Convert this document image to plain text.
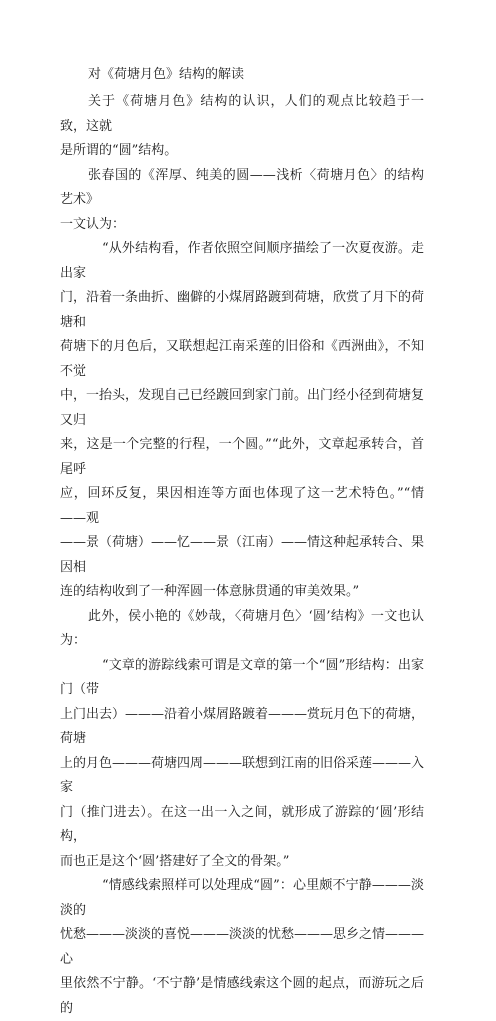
对《荷塘月色》结构的解读

关于《荷塘月色》结构的认识，人们的观点比较趋于一致，这就
是所谓的“圆”结构。

张春国的《浑厚、纯美的圆——浅析〈荷塘月色〉的结构艺术》
一文认为：

“从外结构看，作者依照空间顺序描绘了一次夏夜游。走出家
门，沿着一条曲折、幽僻的小煤屑路踱到荷塘，欣赏了月下的荷塘和
荷塘下的月色后，又联想起江南采莲的旧俗和《西洲曲》，不知不觉
中，一抬头，发现自己已经踱回到家门前。出门经小径到荷塘复又归
来，这是一个完整的行程，一个圆。”“此外，文章起承转合，首尾呼
应，回环反复，果因相连等方面也体现了这一艺术特色。”“情——观
——景（荷塘）——忆——景（江南）——情这种起承转合、果因相
连的结构收到了一种浑圆一体意脉贯通的审美效果。”

此外，侯小艳的《妙哉，〈荷塘月色〉‘圆’结构》一文也认为：

“文章的游踪线索可谓是文章的第一个“圆”形结构：出家门（带
上门出去）———沿着小煤屑路踱着———赏玩月色下的荷塘，荷塘
上的月色———荷塘四周———联想到江南的旧俗采莲———入家
门（推门进去）。在这一出一入之间，就形成了游踪的‘圆’形结构，
而也正是这个‘圆’搭建好了全文的骨架。”

“情感线索照样可以处理成“圆”：心里颇不宁静———淡淡的
忧愁———淡淡的喜悦———淡淡的忧愁———思乡之情———心
里依然不宁静。‘不宁静’是情感线索这个圆的起点，而游玩之后的
